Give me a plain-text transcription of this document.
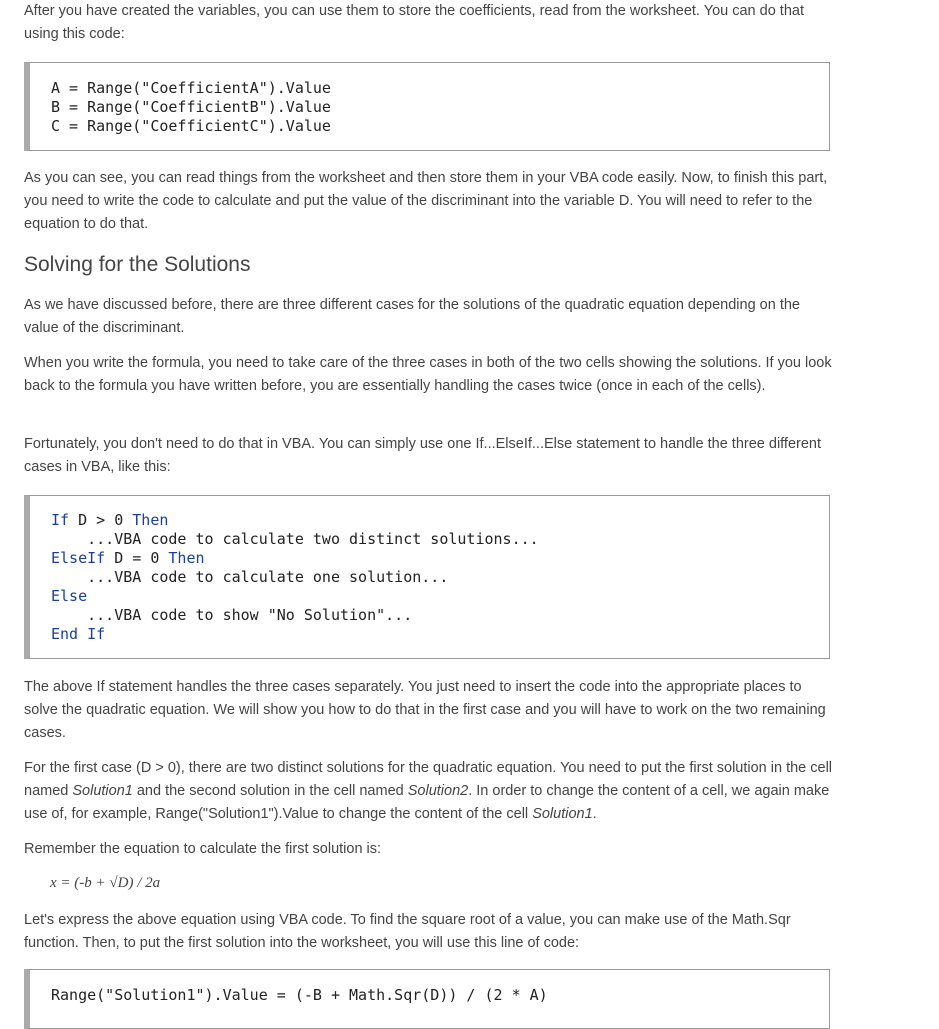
After you have created the variables, you can use them to store the coefficients, read from the worksheet. You can do that using this code:

A = Range("CoefficientA").Value
B = Range("CoefficientB").Value
C = Range("CoefficientC").Value

As you can see, you can read things from the worksheet and then store them in your VBA code easily. Now, to finish this part, you need to write the code to calculate and put the value of the discriminant into the variable D. You will need to refer to the equation to do that.

Solving for the Solutions

As we have discussed before, there are three different cases for the solutions of the quadratic equation depending on the value of the discriminant.

When you write the formula, you need to take care of the three cases in both of the two cells showing the solutions. If you look back to the formula you have written before, you are essentially handling the cases twice (once in each of the cells).

Fortunately, you don't need to do that in VBA. You can simply use one If...ElseIf...Else statement to handle the three different cases in VBA, like this:

If D > 0 Then
...VBA code to calculate two distinct solutions...
ElseIf D = 0 Then
...VBA code to calculate one solution...
Else
...VBA code to show "No Solution"...
End If

The above If statement handles the three cases separately. You just need to insert the code into the appropriate places to solve the quadratic equation. We will show you how to do that in the first case and you will have to work on the two remaining cases.

For the first case (D > 0), there are two distinct solutions for the quadratic equation. You need to put the first solution in the cell named Solution1 and the second solution in the cell named Solution2. In order to change the content of a cell, we again make use of, for example, Range("Solution1").Value to change the content of the cell Solution1.

Remember the equation to calculate the first solution is:

x = (-b + √D) / 2a

Let's express the above equation using VBA code. To find the square root of a value, you can make use of the Math.Sqr function. Then, to put the first solution into the worksheet, you will use this line of code:

Range("Solution1").Value = (-B + Math.Sqr(D)) / (2 * A)
